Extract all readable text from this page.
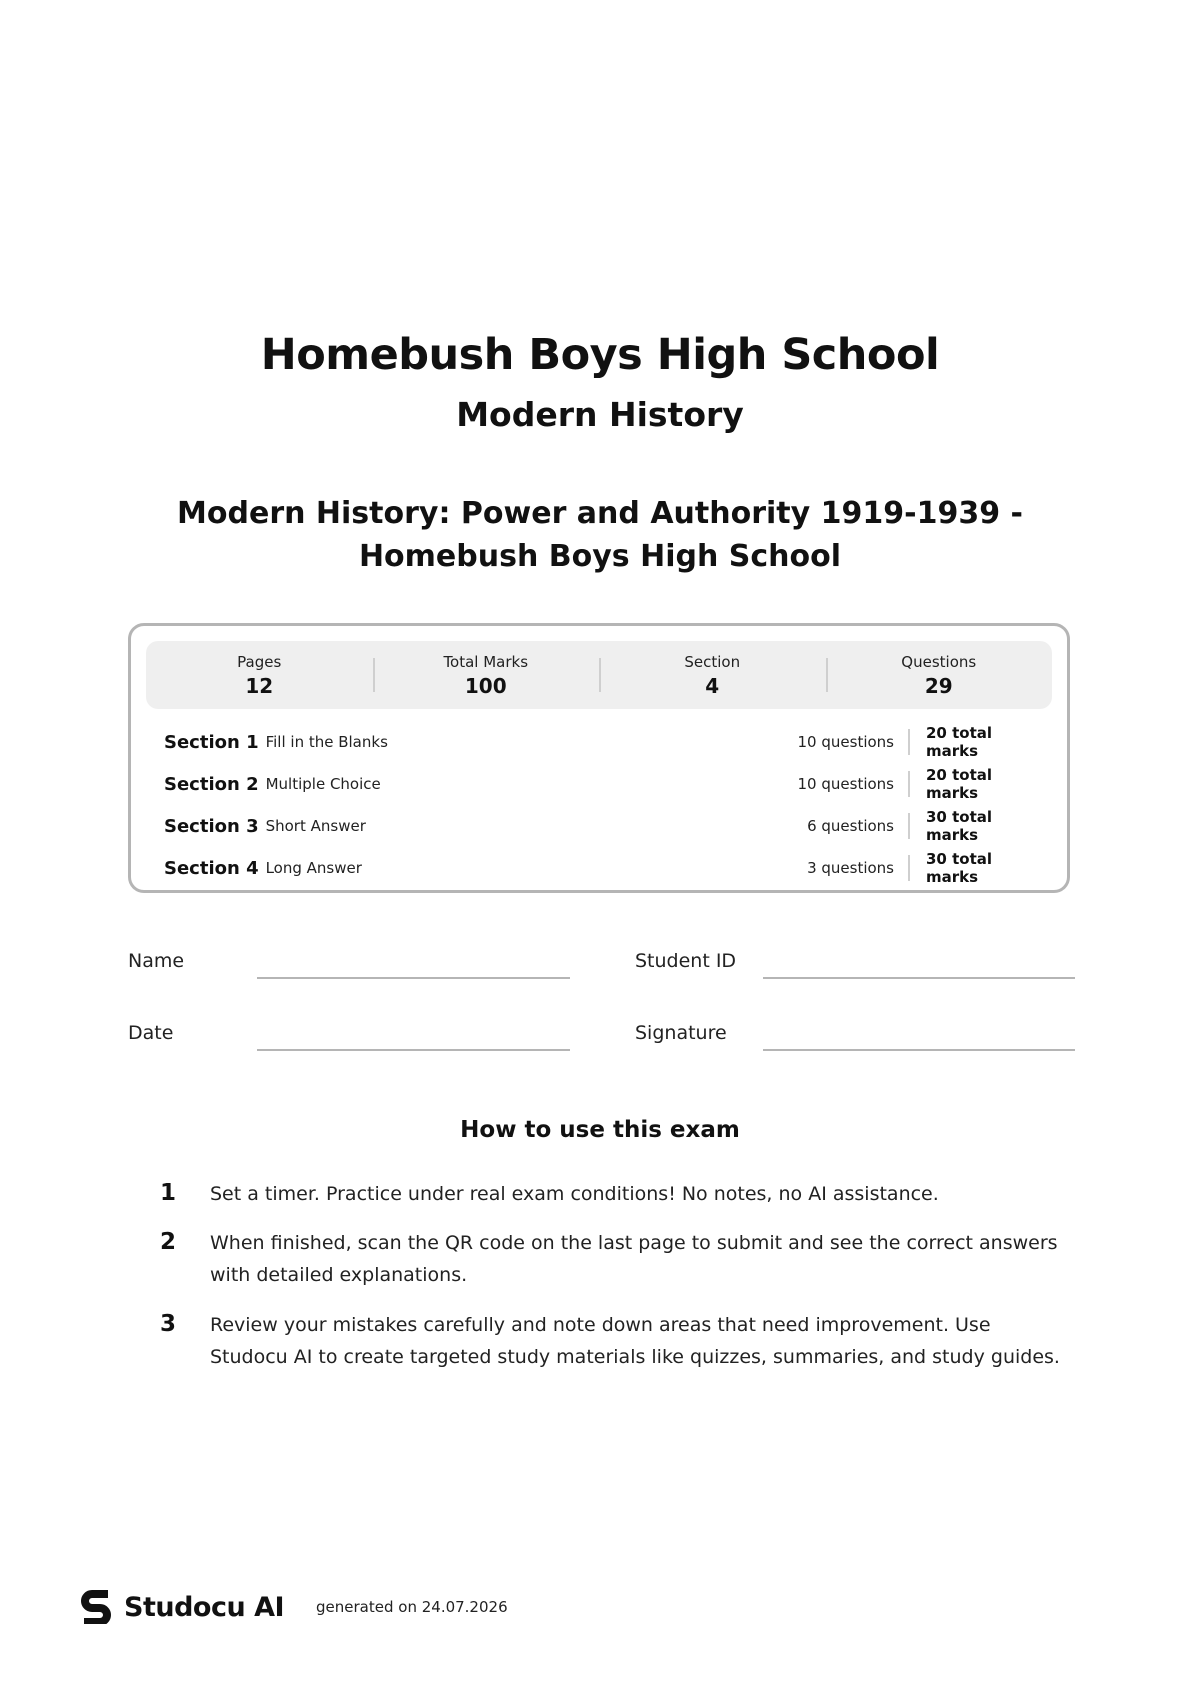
Homebush Boys High School
Modern History
Modern History: Power and Authority 1919-1939 - Homebush Boys High School
Pages
12
Total Marks
100
Section
4
Questions
29
Section 1 Fill in the Blanks	10 questions	20 total marks
Section 2 Multiple Choice	10 questions	20 total marks
Section 3 Short Answer	6 questions	30 total marks
Section 4 Long Answer	3 questions	30 total marks
Name	Student ID
Date	Signature
How to use this exam
1	Set a timer. Practice under real exam conditions! No notes, no AI assistance.
2	When finished, scan the QR code on the last page to submit and see the correct answers with detailed explanations.
3	Review your mistakes carefully and note down areas that need improvement. Use Studocu AI to create targeted study materials like quizzes, summaries, and study guides.
Studocu AI generated on 24.07.2026
